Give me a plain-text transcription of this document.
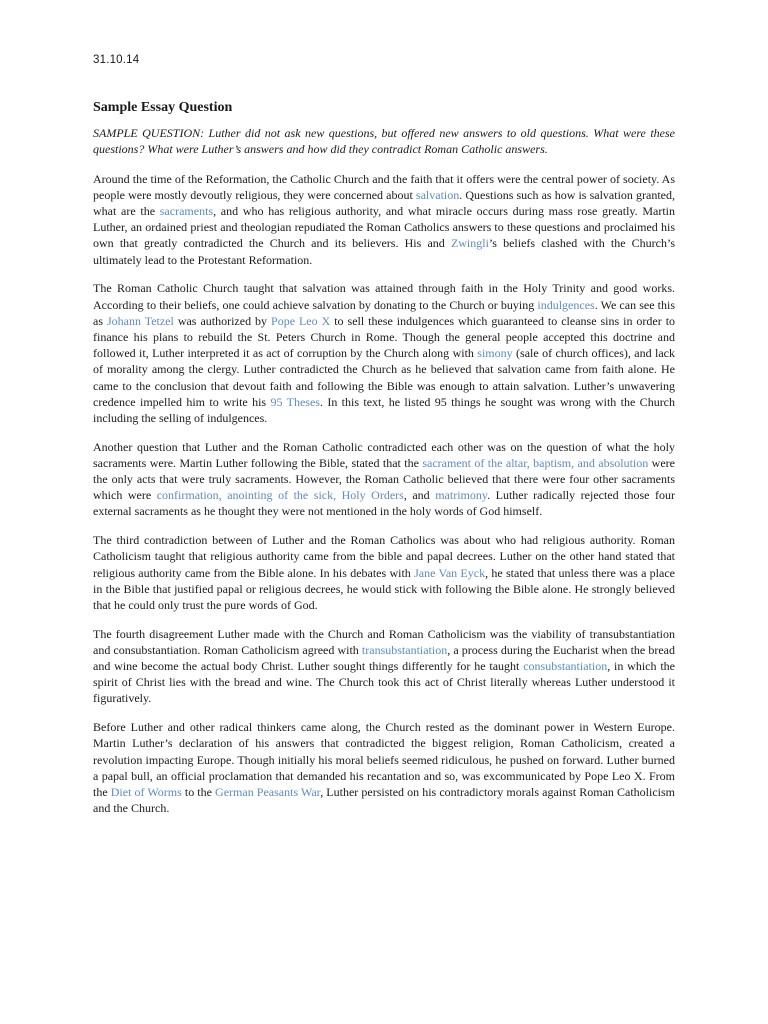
31.10.14
Sample Essay Question
SAMPLE QUESTION: Luther did not ask new questions, but offered new answers to old questions. What were these questions? What were Luther’s answers and how did they contradict Roman Catholic answers.

Around the time of the Reformation, the Catholic Church and the faith that it offers were the central power of society. As people were mostly devoutly religious, they were concerned about salvation. Questions such as how is salvation granted, what are the sacraments, and who has religious authority, and what miracle occurs during mass rose greatly. Martin Luther, an ordained priest and theologian repudiated the Roman Catholics answers to these questions and proclaimed his own that greatly contradicted the Church and its believers. His and Zwingli’s beliefs clashed with the Church’s ultimately lead to the Protestant Reformation.

The Roman Catholic Church taught that salvation was attained through faith in the Holy Trinity and good works. According to their beliefs, one could achieve salvation by donating to the Church or buying indulgences. We can see this as Johann Tetzel was authorized by Pope Leo X to sell these indulgences which guaranteed to cleanse sins in order to finance his plans to rebuild the St. Peters Church in Rome. Though the general people accepted this doctrine and followed it, Luther interpreted it as act of corruption by the Church along with simony (sale of church offices), and lack of morality among the clergy. Luther contradicted the Church as he believed that salvation came from faith alone. He came to the conclusion that devout faith and following the Bible was enough to attain salvation. Luther’s unwavering credence impelled him to write his 95 Theses. In this text, he listed 95 things he sought was wrong with the Church including the selling of indulgences.

Another question that Luther and the Roman Catholic contradicted each other was on the question of what the holy sacraments were. Martin Luther following the Bible, stated that the sacrament of the altar, baptism, and absolution were the only acts that were truly sacraments. However, the Roman Catholic believed that there were four other sacraments which were confirmation, anointing of the sick, Holy Orders, and matrimony. Luther radically rejected those four external sacraments as he thought they were not mentioned in the holy words of God himself.

The third contradiction between of Luther and the Roman Catholics was about who had religious authority. Roman Catholicism taught that religious authority came from the bible and papal decrees. Luther on the other hand stated that religious authority came from the Bible alone. In his debates with Jane Van Eyck, he stated that unless there was a place in the Bible that justified papal or religious decrees, he would stick with following the Bible alone. He strongly believed that he could only trust the pure words of God.

The fourth disagreement Luther made with the Church and Roman Catholicism was the viability of transubstantiation and consubstantiation. Roman Catholicism agreed with transubstantiation, a process during the Eucharist when the bread and wine become the actual body Christ. Luther sought things differently for he taught consubstantiation, in which the spirit of Christ lies with the bread and wine. The Church took this act of Christ literally whereas Luther understood it figuratively.

Before Luther and other radical thinkers came along, the Church rested as the dominant power in Western Europe. Martin Luther’s declaration of his answers that contradicted the biggest religion, Roman Catholicism, created a revolution impacting Europe. Though initially his moral beliefs seemed ridiculous, he pushed on forward. Luther burned a papal bull, an official proclamation that demanded his recantation and so, was excommunicated by Pope Leo X. From the Diet of Worms to the German Peasants War, Luther persisted on his contradictory morals against Roman Catholicism and the Church.
